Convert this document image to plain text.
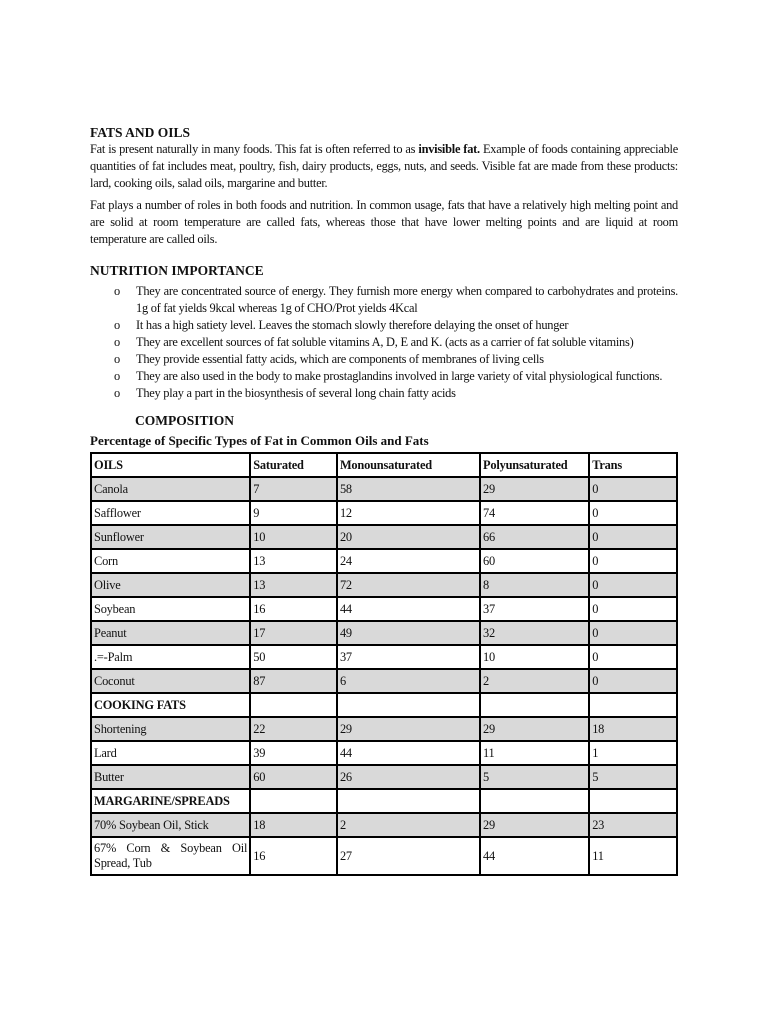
FATS AND OILS

Fat is present naturally in many foods. This fat is often referred to as invisible fat. Example of foods containing appreciable quantities of fat includes meat, poultry, fish, dairy products, eggs, nuts, and seeds. Visible fat are made from these products: lard, cooking oils, salad oils, margarine and butter.

Fat plays a number of roles in both foods and nutrition. In common usage, fats that have a relatively high melting point and are solid at room temperature are called fats, whereas those that have lower melting points and are liquid at room temperature are called oils.

NUTRITION IMPORTANCE
o They are concentrated source of energy. They furnish more energy when compared to carbohydrates and proteins. 1g of fat yields 9kcal whereas 1g of CHO/Prot yields 4Kcal
o It has a high satiety level. Leaves the stomach slowly therefore delaying the onset of hunger
o They are excellent sources of fat soluble vitamins A, D, E and K. (acts as a carrier of fat soluble vitamins)
o They provide essential fatty acids, which are components of membranes of living cells
o They are also used in the body to make prostaglandins involved in large variety of vital physiological functions.
o They play a part in the biosynthesis of several long chain fatty acids
COMPOSITION
Percentage of Specific Types of Fat in Common Oils and Fats
OILS	Saturated	Monounsaturated	Polyunsaturated	Trans
Canola	7	58	29	0
Safflower	9	12	74	0
Sunflower	10	20	66	0
Corn	13	24	60	0
Olive	13	72	8	0
Soybean	16	44	37	0
Peanut	17	49	32	0
.=-Palm	50	37	10	0
Coconut	87	6	2	0
COOKING FATS				
Shortening	22	29	29	18
Lard	39	44	11	1
Butter	60	26	5	5
MARGARINE/SPREADS				
70% Soybean Oil, Stick	18	2	29	23
67% Corn & Soybean Oil Spread, Tub	16	27	44	11
